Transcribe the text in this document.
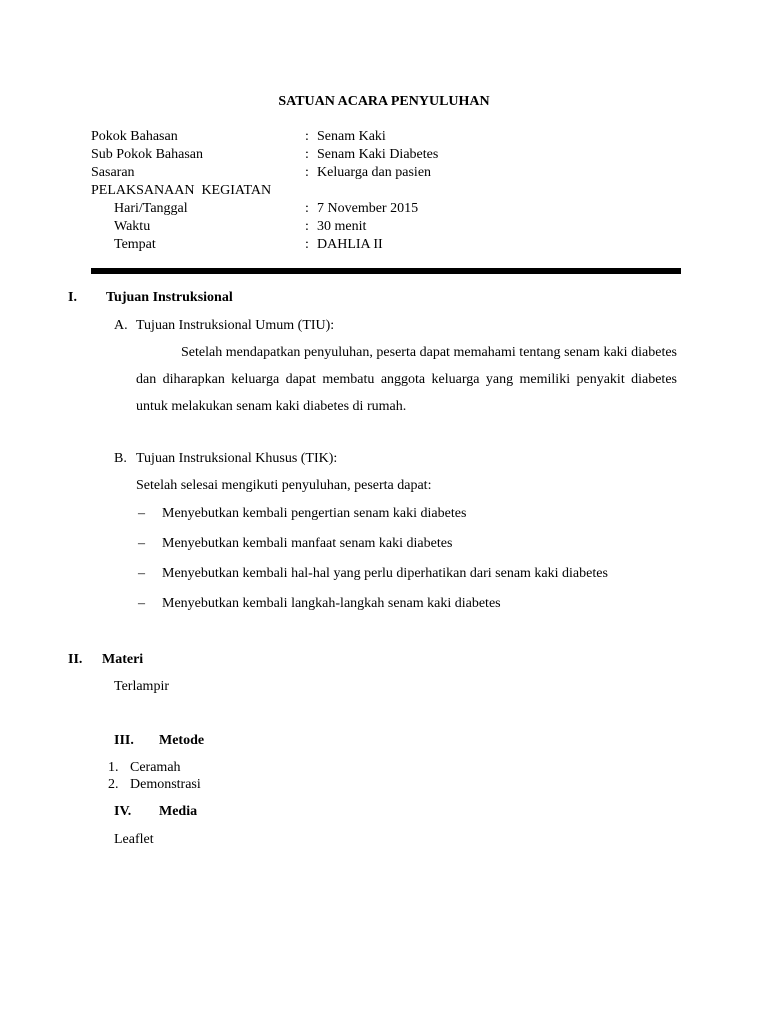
SATUAN ACARA PENYULUHAN
Pokok Bahasan	: Senam Kaki
Sub Pokok Bahasan	: Senam Kaki Diabetes
Sasaran	: Keluarga dan pasien
PELAKSANAAN  KEGIATAN
Hari/Tanggal	: 7 November 2015
Waktu	: 30 menit
Tempat	: DAHLIA II
I. Tujuan Instruksional
A. Tujuan Instruksional Umum (TIU):
Setelah mendapatkan penyuluhan, peserta dapat memahami tentang senam kaki diabetes dan diharapkan keluarga dapat membatu anggota keluarga yang memiliki penyakit diabetes untuk melakukan senam kaki diabetes di rumah.
B. Tujuan Instruksional Khusus (TIK):
Setelah selesai mengikuti penyuluhan, peserta dapat:
– Menyebutkan kembali pengertian senam kaki diabetes
– Menyebutkan kembali manfaat senam kaki diabetes
– Menyebutkan kembali hal-hal yang perlu diperhatikan dari senam kaki diabetes
– Menyebutkan kembali langkah-langkah senam kaki diabetes
II. Materi
Terlampir
III. Metode
1. Ceramah
2. Demonstrasi
IV. Media
Leaflet
